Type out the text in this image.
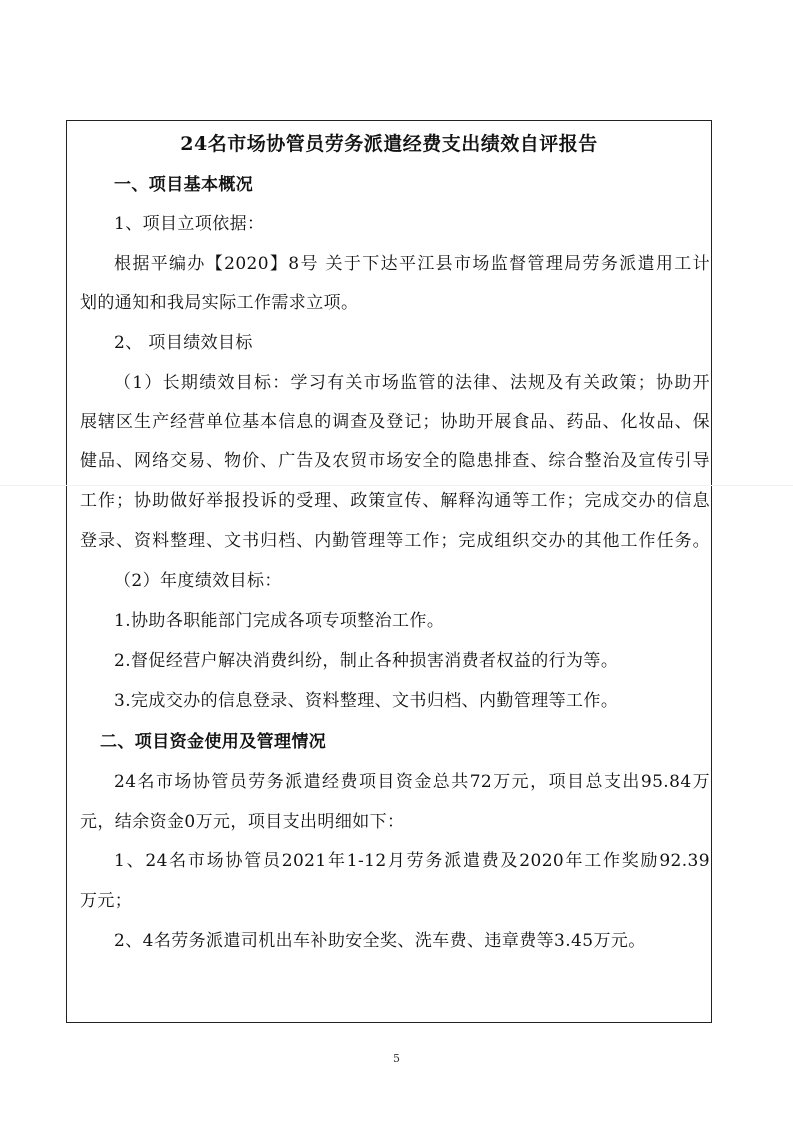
24名市场协管员劳务派遣经费支出绩效自评报告
一、项目基本概况
1、项目立项依据：
根据平编办【2020】8号 关于下达平江县市场监督管理局劳务派遣用工计
划的通知和我局实际工作需求立项。
2、 项目绩效目标
（1）长期绩效目标：学习有关市场监管的法律、法规及有关政策；协助开
展辖区生产经营单位基本信息的调查及登记；协助开展食品、药品、化妆品、保
健品、网络交易、物价、广告及农贸市场安全的隐患排查、综合整治及宣传引导
工作；协助做好举报投诉的受理、政策宣传、解释沟通等工作；完成交办的信息
登录、资料整理、文书归档、内勤管理等工作；完成组织交办的其他工作任务。
（2）年度绩效目标：
1.协助各职能部门完成各项专项整治工作。
2.督促经营户解决消费纠纷，制止各种损害消费者权益的行为等。
3.完成交办的信息登录、资料整理、文书归档、内勤管理等工作。
二、项目资金使用及管理情况
24名市场协管员劳务派遣经费项目资金总共72万元，项目总支出95.84万
元，结余资金0万元，项目支出明细如下：
1、24名市场协管员2021年1-12月劳务派遣费及2020年工作奖励92.39
万元；
2、4名劳务派遣司机出车补助安全奖、洗车费、违章费等3.45万元。
5
